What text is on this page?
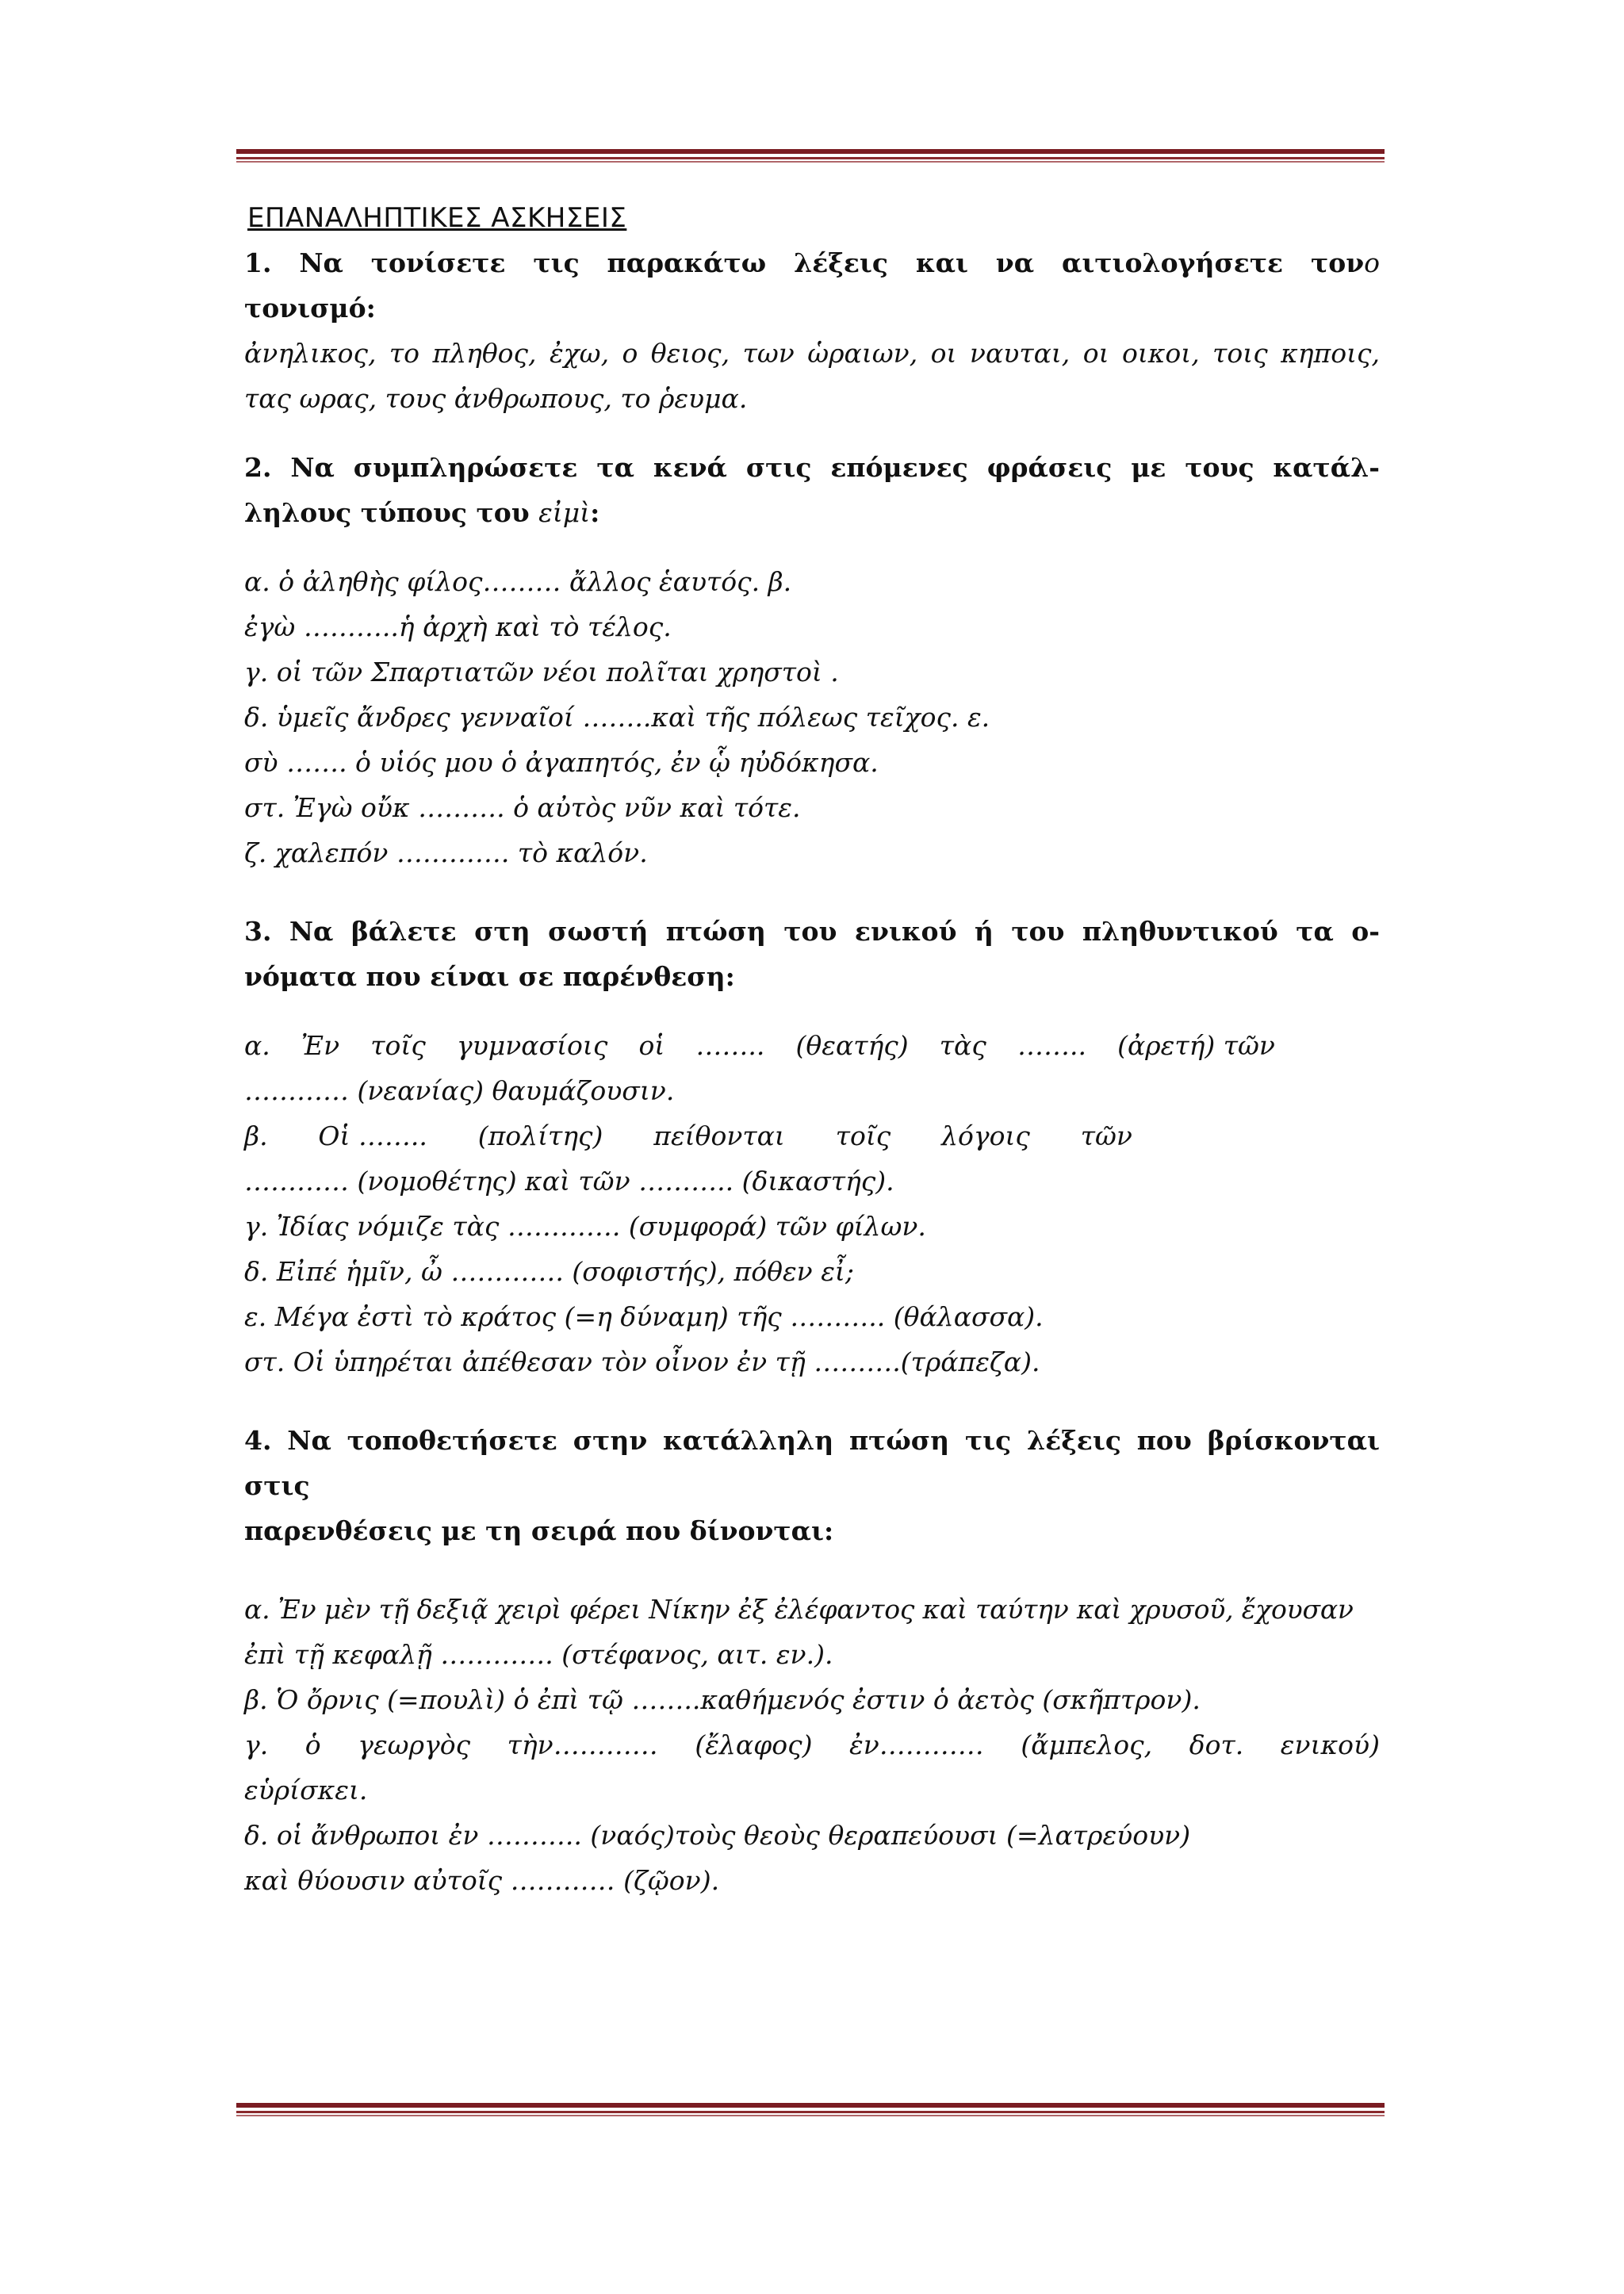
ΕΠΑΝΑΛΗΠΤΙΚΕΣ ΑΣΚΗΣΕΙΣ
1. Να τονίσετε τις παρακάτω λέξεις και να αιτιολογήσετε τον τονισμό:
ο
ἀνηλικος, το πληθος, ἐχω, ο θειος, των ὡραιων, οι ναυται, οι οικοι, τοις κηποις,
τας ωρας, τους ἀνθρωπους, το ῥευμα.
2. Να συμπληρώσετε τα κενά στις επόμενες φράσεις με τους κατάλ-
ληλους τύπους του εἰμὶ:
α. ὁ ἀληθὴς φίλος……… ἄλλος ἑαυτός. β.
ἐγὼ ………..ἡ ἀρχὴ καὶ τὸ τέλος.
γ. οἱ τῶν Σπαρτιατῶν νέοι πολῖται χρηστοὶ .
δ. ὑμεῖς ἄνδρες γενναῖοί ……..καὶ τῆς πόλεως τεῖχος. ε.
σὺ ……. ὁ υἱός μου ὁ ἀγαπητός, ἐν ᾧ ηὐδόκησα.
στ. Ἐγὼ οὔκ ………. ὁ αὐτὸς νῦν καὶ τότε.
ζ. χαλεπόν …………. τὸ καλόν.
3. Να βάλετε στη σωστή πτώση του ενικού ή του πληθυντικού τα ο-
νόματα που είναι σε παρένθεση:
α. Ἐν τοῖς γυμνασίοις οἱ …….. (θεατής) τὰς …….. (ἀρετή) τῶν
………… (νεανίας) θαυμάζουσιν.
β. Οἱ …….. (πολίτης) πείθονται τοῖς λόγοις τῶν
………… (νομοθέτης) καὶ τῶν ……….. (δικαστής).
γ. Ἰδίας νόμιζε τὰς …………. (συμφορά) τῶν φίλων.
δ. Εἰπέ ἡμῖν, ὦ …………. (σοφιστής), πόθεν εἶ;
ε. Μέγα ἐστὶ τὸ κράτος (=η δύναμη) τῆς ……….. (θάλασσα).
στ. Οἱ ὑπηρέται ἀπέθεσαν τὸν οἶνον ἐν τῇ ……….(τράπεζα).
4. Να τοποθετήσετε στην κατάλληλη πτώση τις λέξεις που βρίσκονται στις
παρενθέσεις με τη σειρά που δίνονται:
α. Ἐν μὲν τῇ δεξιᾷ χειρὶ φέρει Νίκην ἐξ ἐλέφαντος καὶ ταύτην καὶ χρυσοῦ, ἔχουσαν
ἐπὶ τῇ κεφαλῇ …………. (στέφανος, αιτ. εν.).
β. Ὁ ὄρνις (=πουλὶ) ὁ ἐπὶ τῷ ……..καθήμενός ἐστιν ὁ ἀετὸς (σκῆπτρον).
γ. ὁ γεωργὸς τὴν………… (ἔλαφος) ἐν………… (ἄμπελος, δοτ. ενικού)
εὑρίσκει.
δ. οἱ ἄνθρωποι ἐν ……….. (ναός)τοὺς θεοὺς θεραπεύουσι (=λατρεύουν)
καὶ θύουσιν αὐτοῖς ………… (ζῷον).
